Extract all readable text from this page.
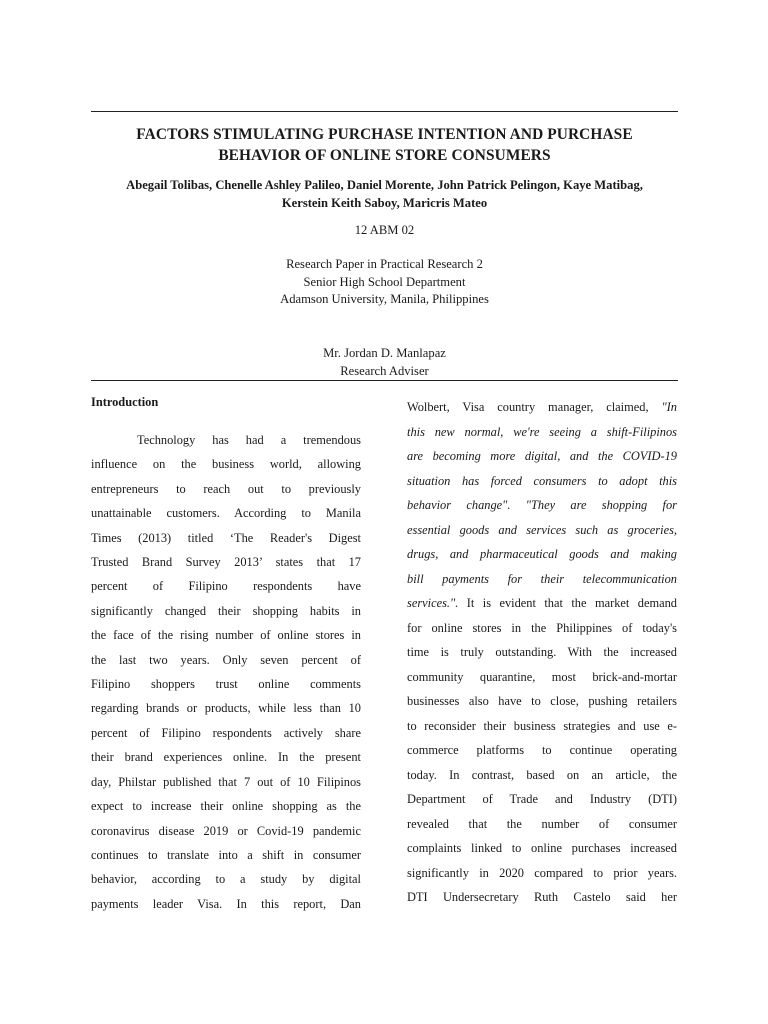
FACTORS STIMULATING PURCHASE INTENTION AND PURCHASE
BEHAVIOR OF ONLINE STORE CONSUMERS
Abegail Tolibas, Chenelle Ashley Palileo, Daniel Morente, John Patrick Pelingon, Kaye Matibag,
Kerstein Keith Saboy, Maricris Mateo
12 ABM 02
Research Paper in Practical Research 2
Senior High School Department
Adamson University, Manila, Philippines
Mr. Jordan D. Manlapaz
Research Adviser
Introduction

Technology has had a tremendous
influence on the business world, allowing
entrepreneurs to reach out to previously
unattainable customers. According to Manila
Times (2013) titled ‘The Reader's Digest
Trusted Brand Survey 2013’ states that 17
percent of Filipino respondents have
significantly changed their shopping habits in
the face of the rising number of online stores in
the last two years. Only seven percent of
Filipino shoppers trust online comments
regarding brands or products, while less than 10
percent of Filipino respondents actively share
their brand experiences online. In the present
day, Philstar published that 7 out of 10 Filipinos
expect to increase their online shopping as the
coronavirus disease 2019 or Covid-19 pandemic
continues to translate into a shift in consumer
behavior, according to a study by digital
payments leader Visa. In this report, Dan

Wolbert, Visa country manager, claimed, "In
this new normal, we're seeing a shift-Filipinos
are becoming more digital, and the COVID-19
situation has forced consumers to adopt this
behavior change". "They are shopping for
essential goods and services such as groceries,
drugs, and pharmaceutical goods and making
bill payments for their telecommunication
services.". It is evident that the market demand
for online stores in the Philippines of today's
time is truly outstanding. With the increased
community quarantine, most brick-and-mortar
businesses also have to close, pushing retailers
to reconsider their business strategies and use e-
commerce platforms to continue operating
today. In contrast, based on an article, the
Department of Trade and Industry (DTI)
revealed that the number of consumer
complaints linked to online purchases increased
significantly in 2020 compared to prior years.
DTI Undersecretary Ruth Castelo said her
